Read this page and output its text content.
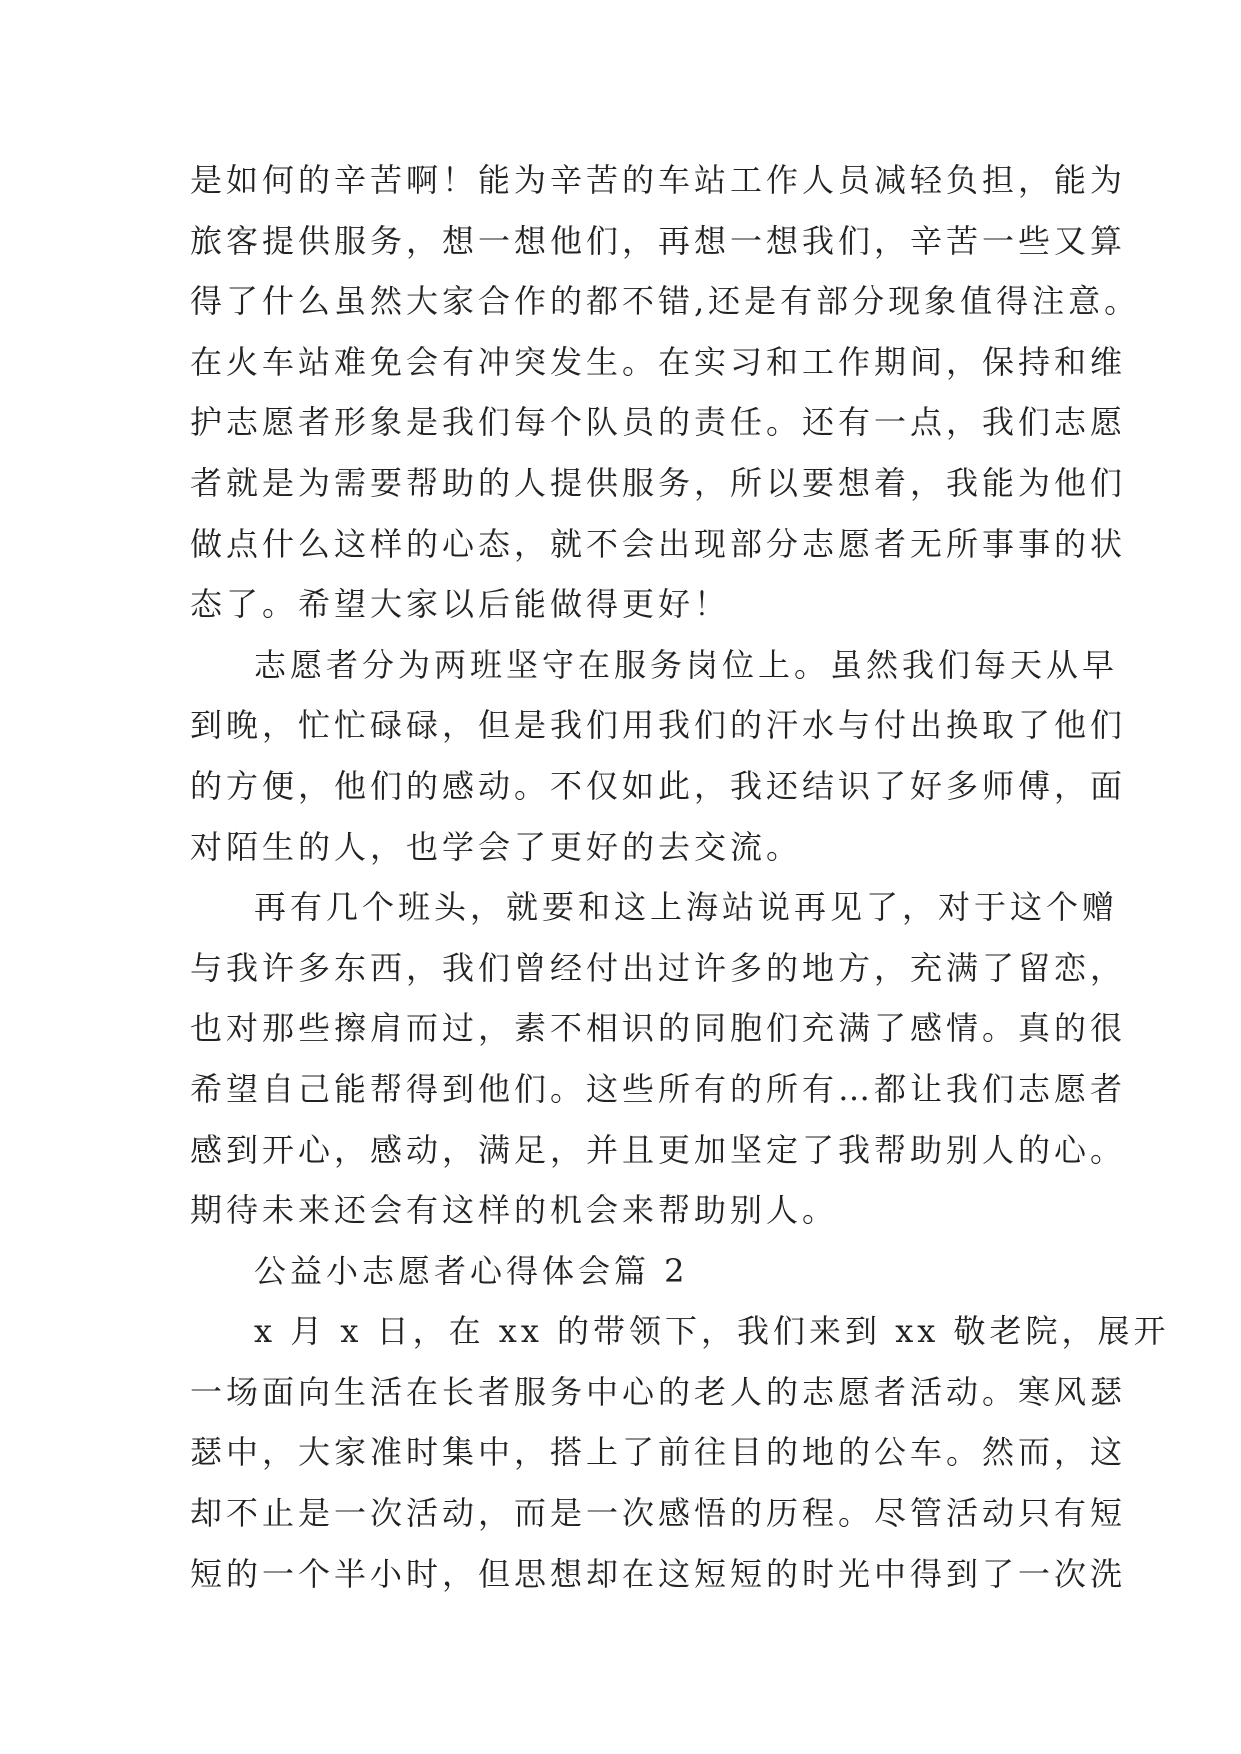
是如何的辛苦啊！能为辛苦的车站工作人员减轻负担，能为
旅客提供服务，想一想他们，再想一想我们，辛苦一些又算
得了什么虽然大家合作的都不错,还是有部分现象值得注意。
在火车站难免会有冲突发生。在实习和工作期间，保持和维
护志愿者形象是我们每个队员的责任。还有一点，我们志愿
者就是为需要帮助的人提供服务，所以要想着，我能为他们
做点什么这样的心态，就不会出现部分志愿者无所事事的状
态了。希望大家以后能做得更好！
志愿者分为两班坚守在服务岗位上。虽然我们每天从早
到晚，忙忙碌碌，但是我们用我们的汗水与付出换取了他们
的方便，他们的感动。不仅如此，我还结识了好多师傅，面
对陌生的人，也学会了更好的去交流。
再有几个班头，就要和这上海站说再见了，对于这个赠
与我许多东西，我们曾经付出过许多的地方，充满了留恋，
也对那些擦肩而过，素不相识的同胞们充满了感情。真的很
希望自己能帮得到他们。这些所有的所有…都让我们志愿者
感到开心，感动，满足，并且更加坚定了我帮助别人的心。
期待未来还会有这样的机会来帮助别人。
公益小志愿者心得体会篇 2
x 月 x 日，在 xx 的带领下，我们来到 xx 敬老院，展开
一场面向生活在长者服务中心的老人的志愿者活动。寒风瑟
瑟中，大家准时集中，搭上了前往目的地的公车。然而，这
却不止是一次活动，而是一次感悟的历程。尽管活动只有短
短的一个半小时，但思想却在这短短的时光中得到了一次洗
